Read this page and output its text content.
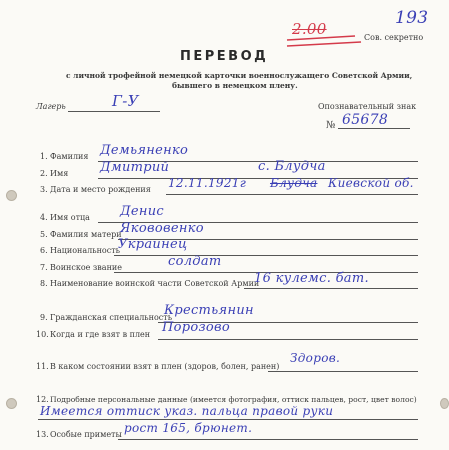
2.00
193
Сов. секретно
ПЕРЕВОД
с личной трофейной немецкой карточки военнослужащего Советской Армии,
бывшего в немецком плену.
Лагерь	Г-У	Опознавательный знак
№ 65678
1. Фамилия Демьяненко
2. Имя Дмитрий	с. Блудча
3. Дата и место рождения 12.11.1921г Блудча Киевской об.
4. Имя отца Денис
5. Фамилия матери
Якововенко
6. Национальность
Украинец
7. Воинское звание	солдат
8. Наименование воинской части Советской Армии
16 кулемс. бат.
9. Гражданская специальность
Крестьянин
10. Когда и где взят в плен Порозово
11. В каком состоянии взят в плен (здоров, болен, ранен)
Здоров.
12. Подробные персональные данные (имеется фотография, оттиск пальцев, рост, цвет волос)
Имеется оттиск указ. пальца правой руки
13. Особые приметы рост 165, брюнет.
